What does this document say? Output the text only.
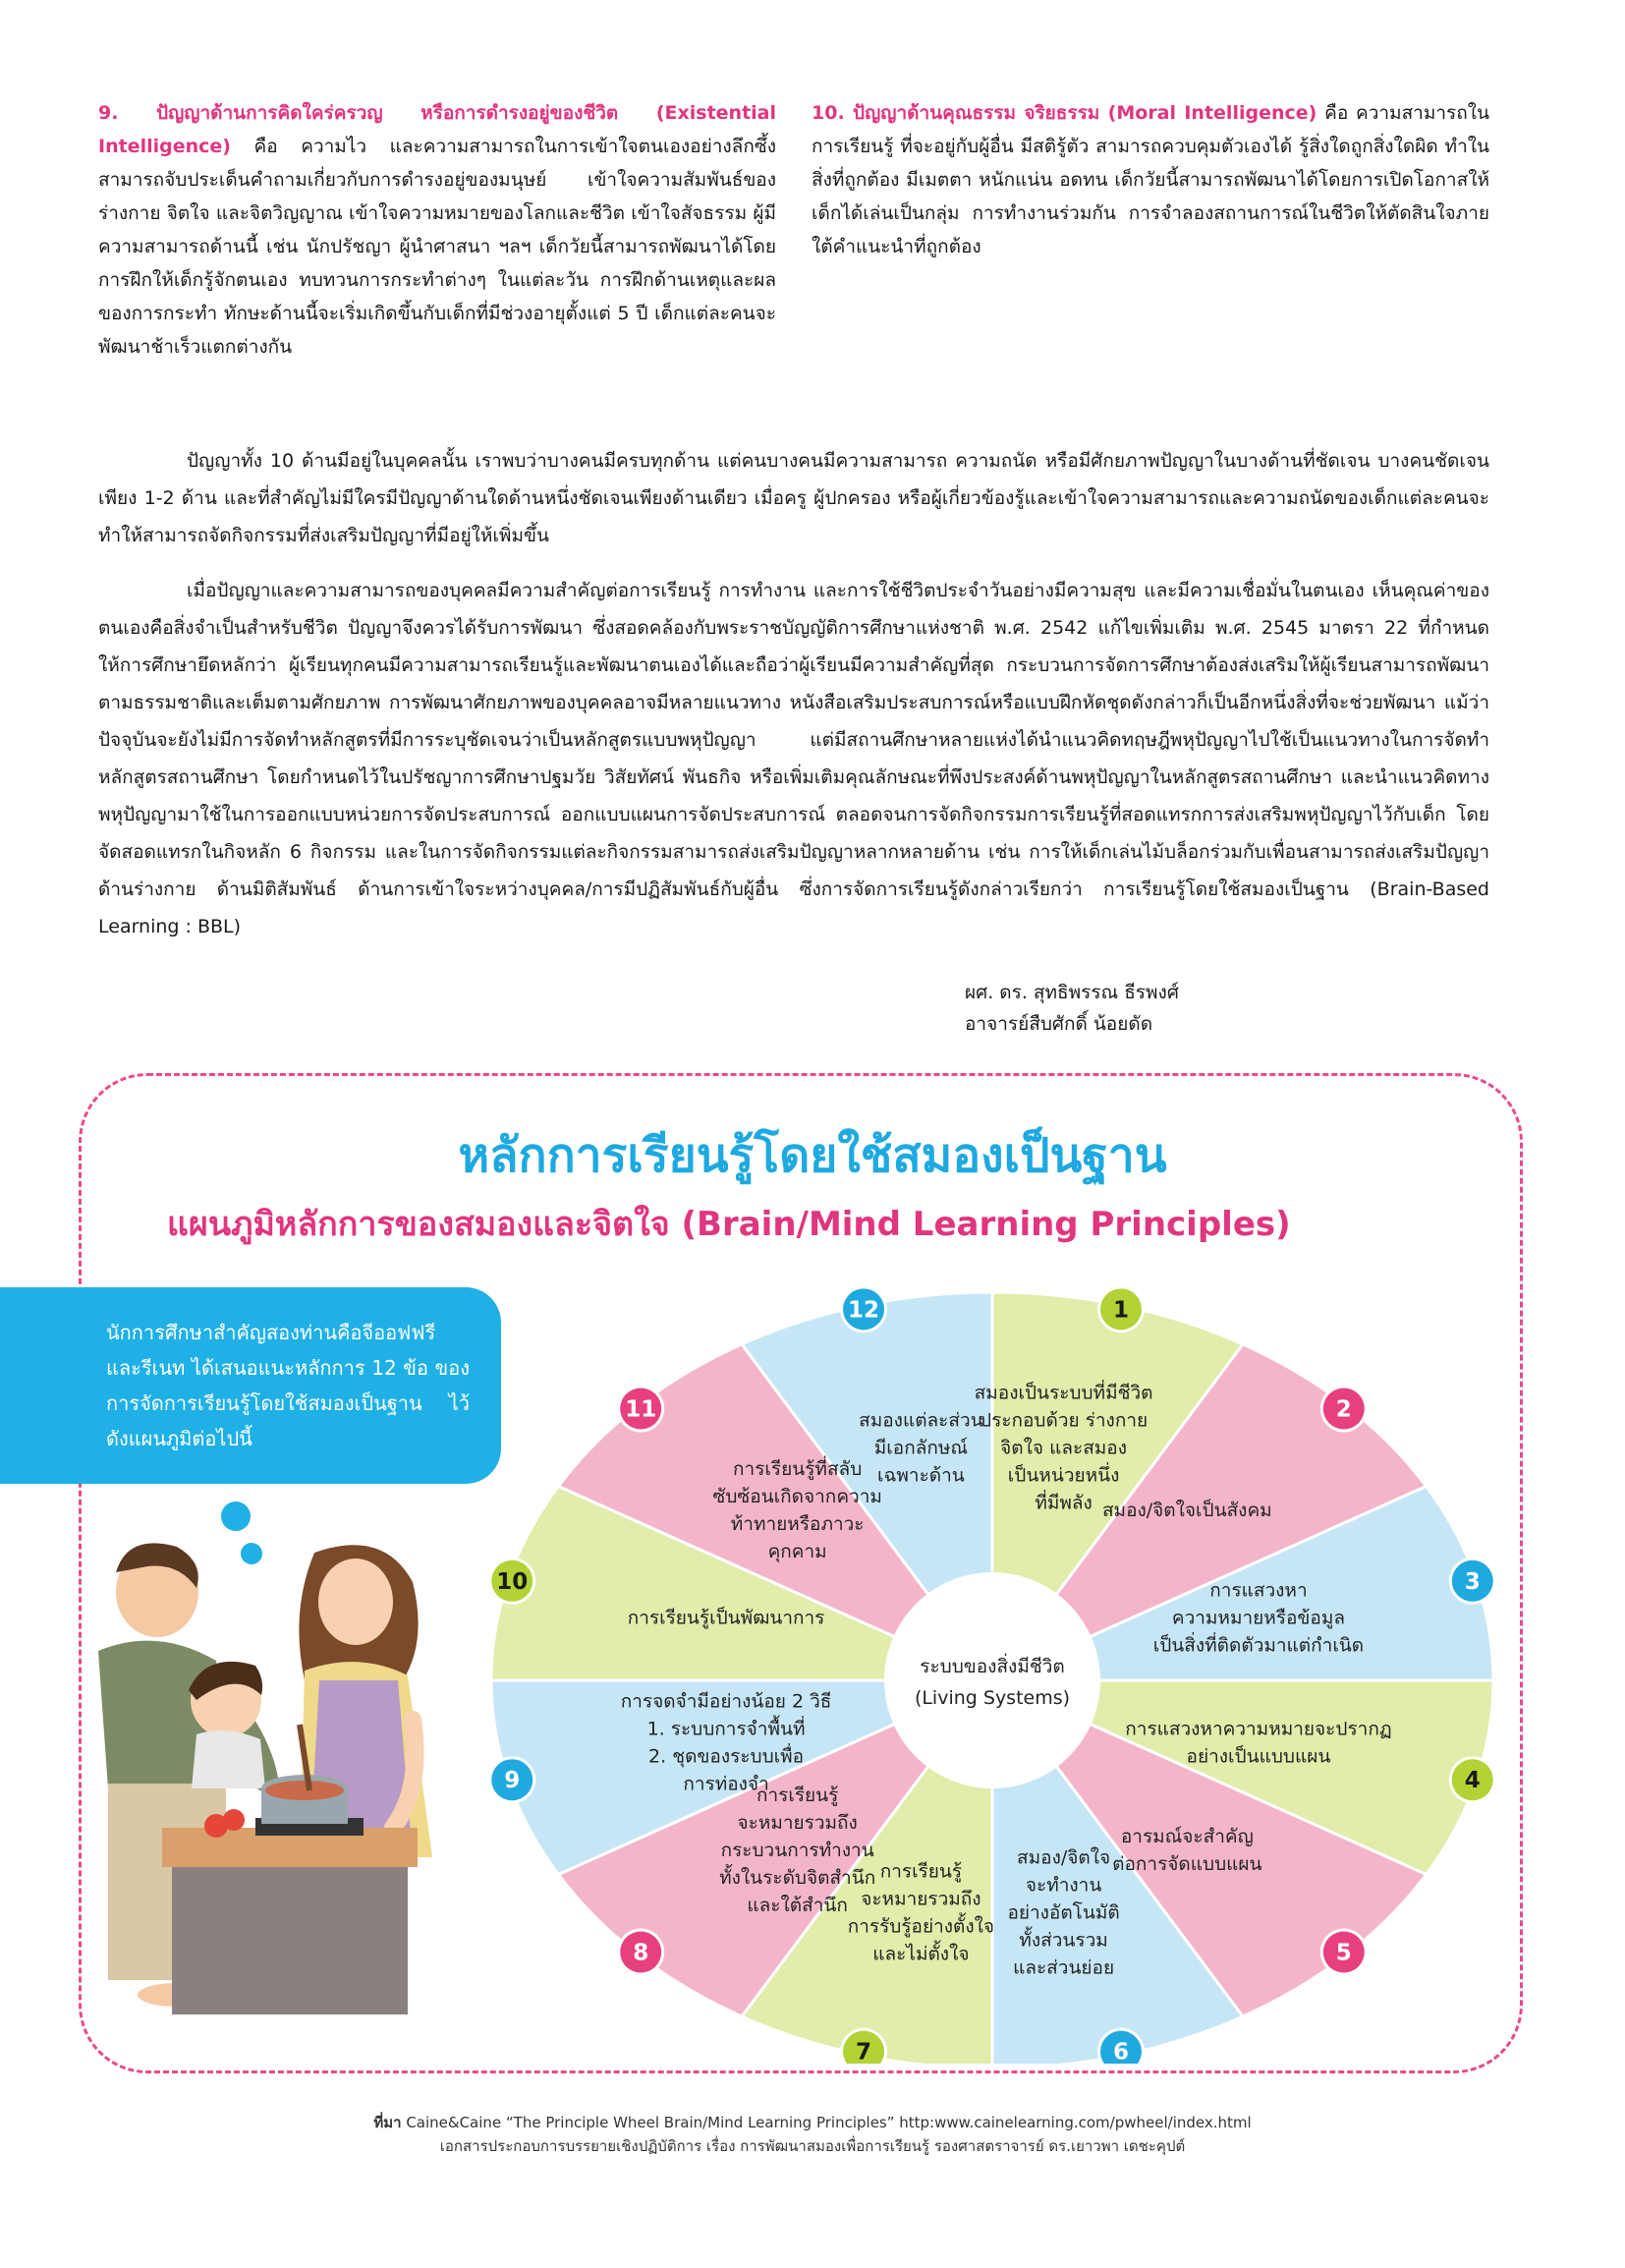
9. ปัญญาด้านการคิดใคร่ครวญ หรือการดำรงอยู่ของชีวิต (Existential Intelligence) คือ ความไว และความสามารถในการเข้าใจตนเองอย่างลึกซึ้ง สามารถจับประเด็นคำถามเกี่ยวกับการดำรงอยู่ของมนุษย์ เข้าใจความสัมพันธ์ของร่างกาย จิตใจ และจิตวิญญาณ เข้าใจความหมายของโลกและชีวิต เข้าใจสัจธรรม ผู้มีความสามารถด้านนี้ เช่น นักปรัชญา ผู้นำศาสนา ฯลฯ เด็กวัยนี้สามารถพัฒนาได้โดยการฝึกให้เด็กรู้จักตนเอง ทบทวนการกระทำต่างๆ ในแต่ละวัน การฝึกด้านเหตุและผลของการกระทำ ทักษะด้านนี้จะเริ่มเกิดขึ้นกับเด็กที่มีช่วงอายุตั้งแต่ 5 ปี เด็กแต่ละคนจะพัฒนาช้าเร็วแตกต่างกัน
10. ปัญญาด้านคุณธรรม จริยธรรม (Moral Intelligence) คือ ความสามารถในการเรียนรู้ ที่จะอยู่กับผู้อื่น มีสติรู้ตัว สามารถควบคุมตัวเองได้ รู้สิ่งใดถูกสิ่งใดผิด ทำในสิ่งที่ถูกต้อง มีเมตตา หนักแน่น อดทน เด็กวัยนี้สามารถพัฒนาได้โดยการเปิดโอกาสให้เด็กได้เล่นเป็นกลุ่ม การทำงานร่วมกัน การจำลองสถานการณ์ในชีวิตให้ตัดสินใจภายใต้คำแนะนำที่ถูกต้อง
ปัญญาทั้ง 10 ด้านมีอยู่ในบุคคลนั้น เราพบว่าบางคนมีครบทุกด้าน แต่คนบางคนมีความสามารถ ความถนัด หรือมีศักยภาพปัญญาในบางด้านที่ชัดเจน บางคนชัดเจนเพียง 1-2 ด้าน และที่สำคัญไม่มีใครมีปัญญาด้านใดด้านหนึ่งชัดเจนเพียงด้านเดียว เมื่อครู ผู้ปกครอง หรือผู้เกี่ยวข้องรู้และเข้าใจความสามารถและความถนัดของเด็กแต่ละคนจะทำให้สามารถจัดกิจกรรมที่ส่งเสริมปัญญาที่มีอยู่ให้เพิ่มขึ้น
เมื่อปัญญาและความสามารถของบุคคลมีความสำคัญต่อการเรียนรู้ การทำงาน และการใช้ชีวิตประจำวันอย่างมีความสุข และมีความเชื่อมั่นในตนเอง เห็นคุณค่าของตนเองคือสิ่งจำเป็นสำหรับชีวิต ปัญญาจึงควรได้รับการพัฒนา ซึ่งสอดคล้องกับพระราชบัญญัติการศึกษาแห่งชาติ พ.ศ. 2542 แก้ไขเพิ่มเติม พ.ศ. 2545 มาตรา 22 ที่กำหนดให้การศึกษายึดหลักว่า ผู้เรียนทุกคนมีความสามารถเรียนรู้และพัฒนาตนเองได้และถือว่าผู้เรียนมีความสำคัญที่สุด กระบวนการจัดการศึกษาต้องส่งเสริมให้ผู้เรียนสามารถพัฒนาตามธรรมชาติและเต็มตามศักยภาพ การพัฒนาศักยภาพของบุคคลอาจมีหลายแนวทาง หนังสือเสริมประสบการณ์หรือแบบฝึกหัดชุดดังกล่าวก็เป็นอีกหนึ่งสิ่งที่จะช่วยพัฒนา แม้ว่าปัจจุบันจะยังไม่มีการจัดทำหลักสูตรที่มีการระบุชัดเจนว่าเป็นหลักสูตรแบบพหุปัญญา แต่มีสถานศึกษาหลายแห่งได้นำแนวคิดทฤษฎีพหุปัญญาไปใช้เป็นแนวทางในการจัดทำหลักสูตรสถานศึกษา โดยกำหนดไว้ในปรัชญาการศึกษาปฐมวัย วิสัยทัศน์ พันธกิจ หรือเพิ่มเติมคุณลักษณะที่พึงประสงค์ด้านพหุปัญญาในหลักสูตรสถานศึกษา และนำแนวคิดทางพหุปัญญามาใช้ในการออกแบบหน่วยการจัดประสบการณ์ ออกแบบแผนการจัดประสบการณ์ ตลอดจนการจัดกิจกรรมการเรียนรู้ที่สอดแทรกการส่งเสริมพหุปัญญาไว้กับเด็ก โดยจัดสอดแทรกในกิจหลัก 6 กิจกรรม และในการจัดกิจกรรมแต่ละกิจกรรมสามารถส่งเสริมปัญญาหลากหลายด้าน เช่น การให้เด็กเล่นไม้บล็อกร่วมกับเพื่อนสามารถส่งเสริมปัญญาด้านร่างกาย ด้านมิติสัมพันธ์ ด้านการเข้าใจระหว่างบุคคล/การมีปฏิสัมพันธ์กับผู้อื่น ซึ่งการจัดการเรียนรู้ดังกล่าวเรียกว่า การเรียนรู้โดยใช้สมองเป็นฐาน (Brain-Based Learning : BBL)
ผศ. ดร. สุทธิพรรณ ธีรพงศ์
อาจารย์สืบศักดิ์ น้อยดัด
หลักการเรียนรู้โดยใช้สมองเป็นฐาน
แผนภูมิหลักการของสมองและจิตใจ (Brain/Mind Learning Principles)
นักการศึกษาสำคัญสองท่านคือจีออฟฟรี และรีเนท ได้เสนอแนะหลักการ 12 ข้อ ของการจัดการเรียนรู้โดยใช้สมองเป็นฐาน ไว้ดังแผนภูมิต่อไปนี้
ระบบของสิ่งมีชีวิต
(Living Systems)
สมองเป็นระบบที่มีชีวิต
ประกอบด้วย ร่างกาย
จิตใจ และสมอง
เป็นหน่วยหนึ่ง
ที่มีพลัง
1
สมอง/จิตใจเป็นสังคม
2
การแสวงหา
ความหมายหรือข้อมูล
เป็นสิ่งที่ติดตัวมาแต่กำเนิด
3
การแสวงหาความหมายจะปรากฏ
อย่างเป็นแบบแผน
4
อารมณ์จะสำคัญ
ต่อการจัดแบบแผน
5
สมอง/จิตใจ
จะทำงาน
อย่างอัตโนมัติ
ทั้งส่วนรวม
และส่วนย่อย
6
การเรียนรู้
จะหมายรวมถึง
การรับรู้อย่างตั้งใจ
และไม่ตั้งใจ
7
การเรียนรู้
จะหมายรวมถึง
กระบวนการทำงาน
ทั้งในระดับจิตสำนึก
และใต้สำนึก
8
การจดจำมีอย่างน้อย 2 วิธี
1. ระบบการจำพื้นที่
2. ชุดของระบบเพื่อ
การท่องจำ
9
การเรียนรู้เป็นพัฒนาการ
10
การเรียนรู้ที่สลับ
ซับซ้อนเกิดจากความ
ท้าทายหรือภาวะ
คุกคาม
11	สมองแต่ละส่วน
มีเอกลักษณ์
เฉพาะด้าน
12
ที่มา Caine&Caine “The Principle Wheel Brain/Mind Learning Principles” http:www.cainelearning.com/pwheel/index.html
เอกสารประกอบการบรรยายเชิงปฏิบัติการ เรื่อง การพัฒนาสมองเพื่อการเรียนรู้ รองศาสตราจารย์ ดร.เยาวพา เดชะคุปต์
